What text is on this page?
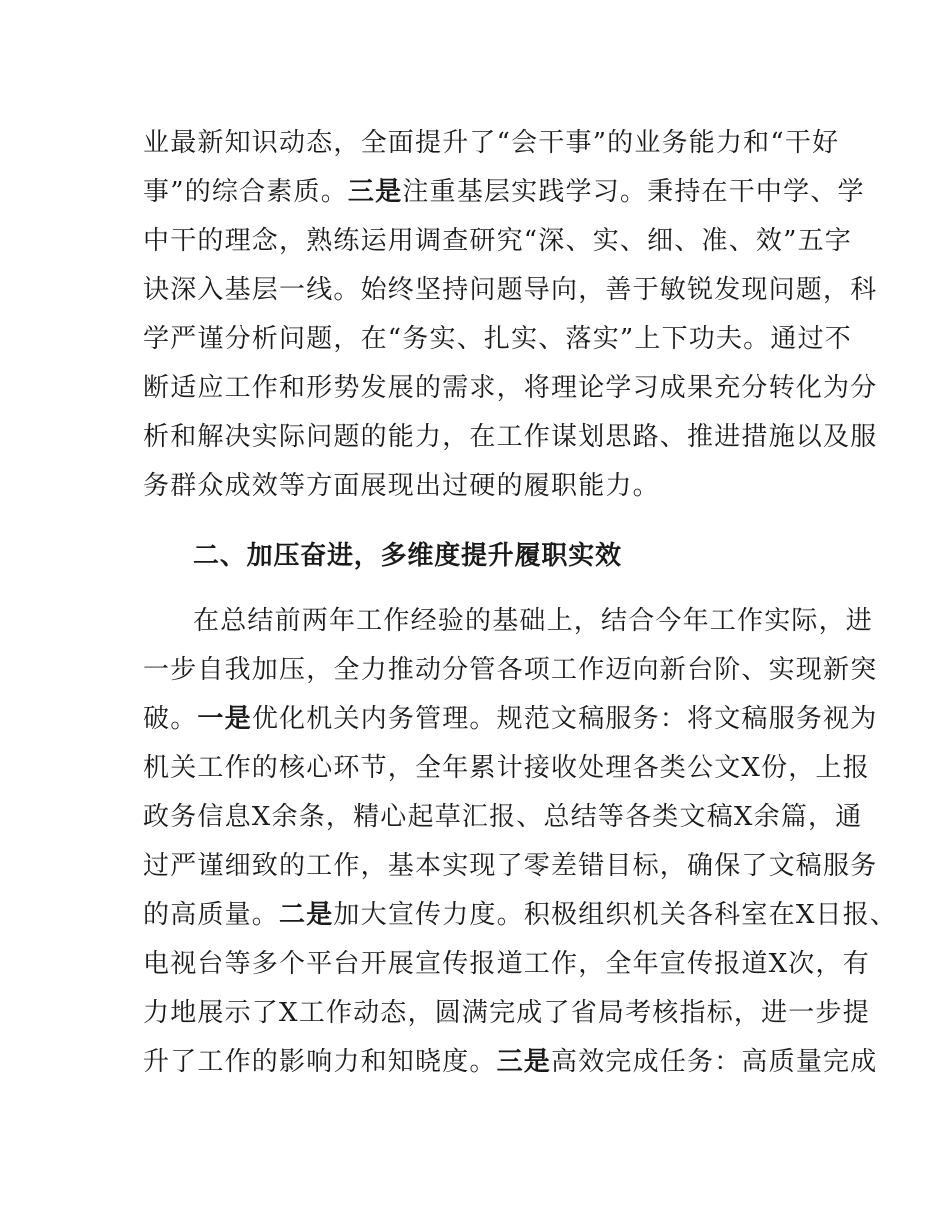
业最新知识动态，全面提升了“会干事”的业务能力和“干好
事”的综合素质。三是注重基层实践学习。秉持在干中学、学
中干的理念，熟练运用调查研究“深、实、细、准、效”五字
诀深入基层一线。始终坚持问题导向，善于敏锐发现问题，科
学严谨分析问题，在“务实、扎实、落实”上下功夫。通过不
断适应工作和形势发展的需求，将理论学习成果充分转化为分
析和解决实际问题的能力，在工作谋划思路、推进措施以及服
务群众成效等方面展现出过硬的履职能力。
二、加压奋进，多维度提升履职实效
在总结前两年工作经验的基础上，结合今年工作实际，进
一步自我加压，全力推动分管各项工作迈向新台阶、实现新突
破。一是优化机关内务管理。规范文稿服务：将文稿服务视为
机关工作的核心环节，全年累计接收处理各类公文X份，上报
政务信息X余条，精心起草汇报、总结等各类文稿X余篇，通
过严谨细致的工作，基本实现了零差错目标，确保了文稿服务
的高质量。二是加大宣传力度。积极组织机关各科室在X日报、
电视台等多个平台开展宣传报道工作，全年宣传报道X次，有
力地展示了X工作动态，圆满完成了省局考核指标，进一步提
升了工作的影响力和知晓度。三是高效完成任务：高质量完成
